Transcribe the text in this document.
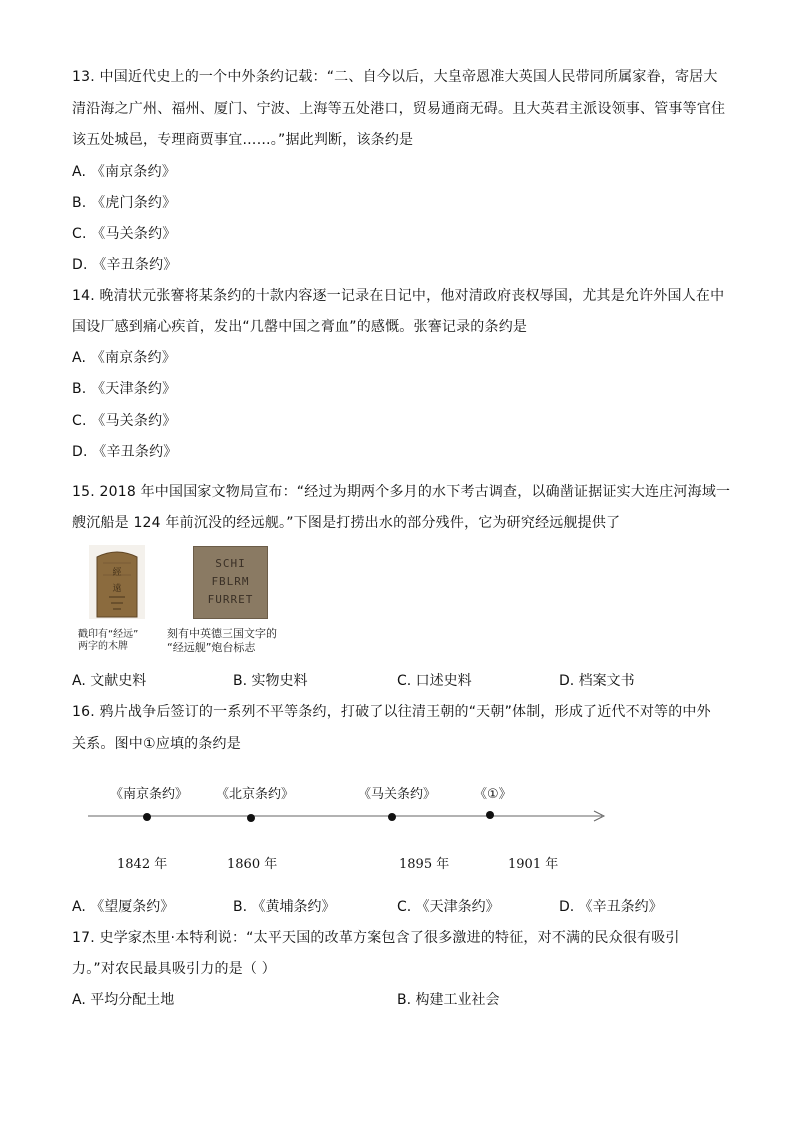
13. 中国近代史上的一个中外条约记载：“二、自今以后，大皇帝恩准大英国人民带同所属家眷，寄居大
清沿海之广州、福州、厦门、宁波、上海等五处港口，贸易通商无碍。且大英君主派设领事、管事等官住
该五处城邑，专理商贾事宜……。”据此判断，该条约是
A. 《南京条约》
B. 《虎门条约》
C. 《马关条约》
D. 《辛丑条约》
14. 晚清状元张謇将某条约的十款内容逐一记录在日记中，他对清政府丧权辱国，尤其是允许外国人在中
国设厂感到痛心疾首，发出“几罄中国之膏血”的感慨。张謇记录的条约是
A. 《南京条约》
B. 《天津条约》
C. 《马关条约》
D. 《辛丑条约》
15. 2018 年中国国家文物局宣布：“经过为期两个多月的水下考古调查，以确凿证据证实大连庄河海域一
艘沉船是 124 年前沉没的经远舰。”下图是打捞出水的部分残件，它为研究经远舰提供了
經
遠
戳印有“经远”
两字的木牌
SCHI
FBLRM
FURRET
刻有中英德三国文字的
“经远舰”炮台标志
A. 文献史料	B. 实物史料	C. 口述史料	D. 档案文书
16. 鸦片战争后签订的一系列不平等条约，打破了以往清王朝的“天朝”体制，形成了近代不对等的中外
关系。图中①应填的条约是
《南京条约》 《北京条约》	《马关条约》	《①》
1842 年	1860 年	1895 年	1901 年
A. 《望厦条约》	B. 《黄埔条约》	C. 《天津条约》	D. 《辛丑条约》
17. 史学家杰里·本特利说：“太平天国的改革方案包含了很多激进的特征，对不满的民众很有吸引
力。”对农民最具吸引力的是（ ）
A. 平均分配土地	B. 构建工业社会
